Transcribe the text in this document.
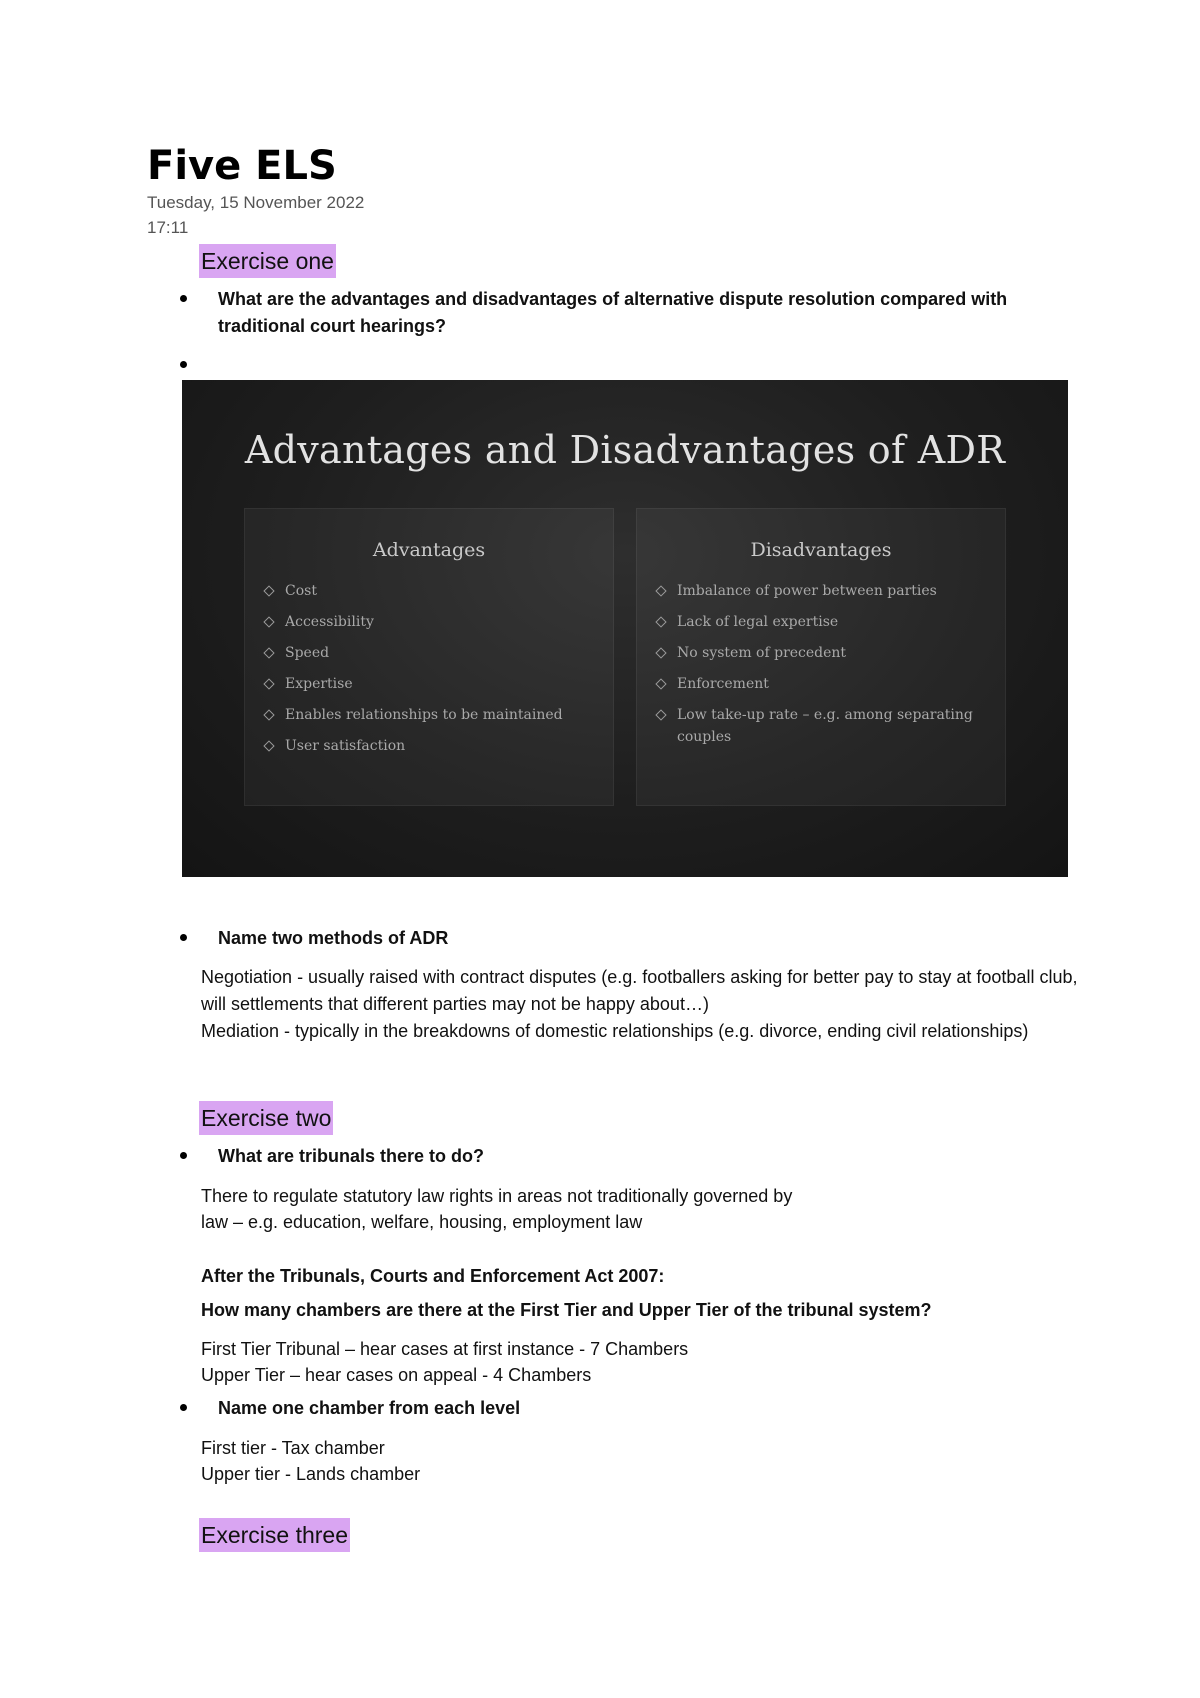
Five ELS
Tuesday, 15 November 2022
17:11
Exercise one
What are the advantages and disadvantages of alternative dispute resolution compared with traditional court hearings?
Advantages and Disadvantages of ADR
Advantages
Cost
Accessibility
Speed
Expertise
Enables relationships to be maintained
User satisfaction
Disadvantages
Imbalance of power between parties
Lack of legal expertise
No system of precedent
Enforcement
Low take-up rate – e.g. among separating couples
Name two methods of ADR
Negotiation - usually raised with contract disputes (e.g. footballers asking for better pay to stay at football club, will settlements that different parties may not be happy about…)
Mediation - typically in the breakdowns of domestic relationships (e.g. divorce, ending civil relationships)
Exercise two
What are tribunals there to do?
There to regulate statutory law rights in areas not traditionally governed by
law – e.g. education, welfare, housing, employment law
After the Tribunals, Courts and Enforcement Act 2007:
How many chambers are there at the First Tier and Upper Tier of the tribunal system?
First Tier Tribunal – hear cases at first instance - 7 Chambers
Upper Tier – hear cases on appeal - 4 Chambers
Name one chamber from each level
First tier - Tax chamber
Upper tier - Lands chamber
Exercise three
